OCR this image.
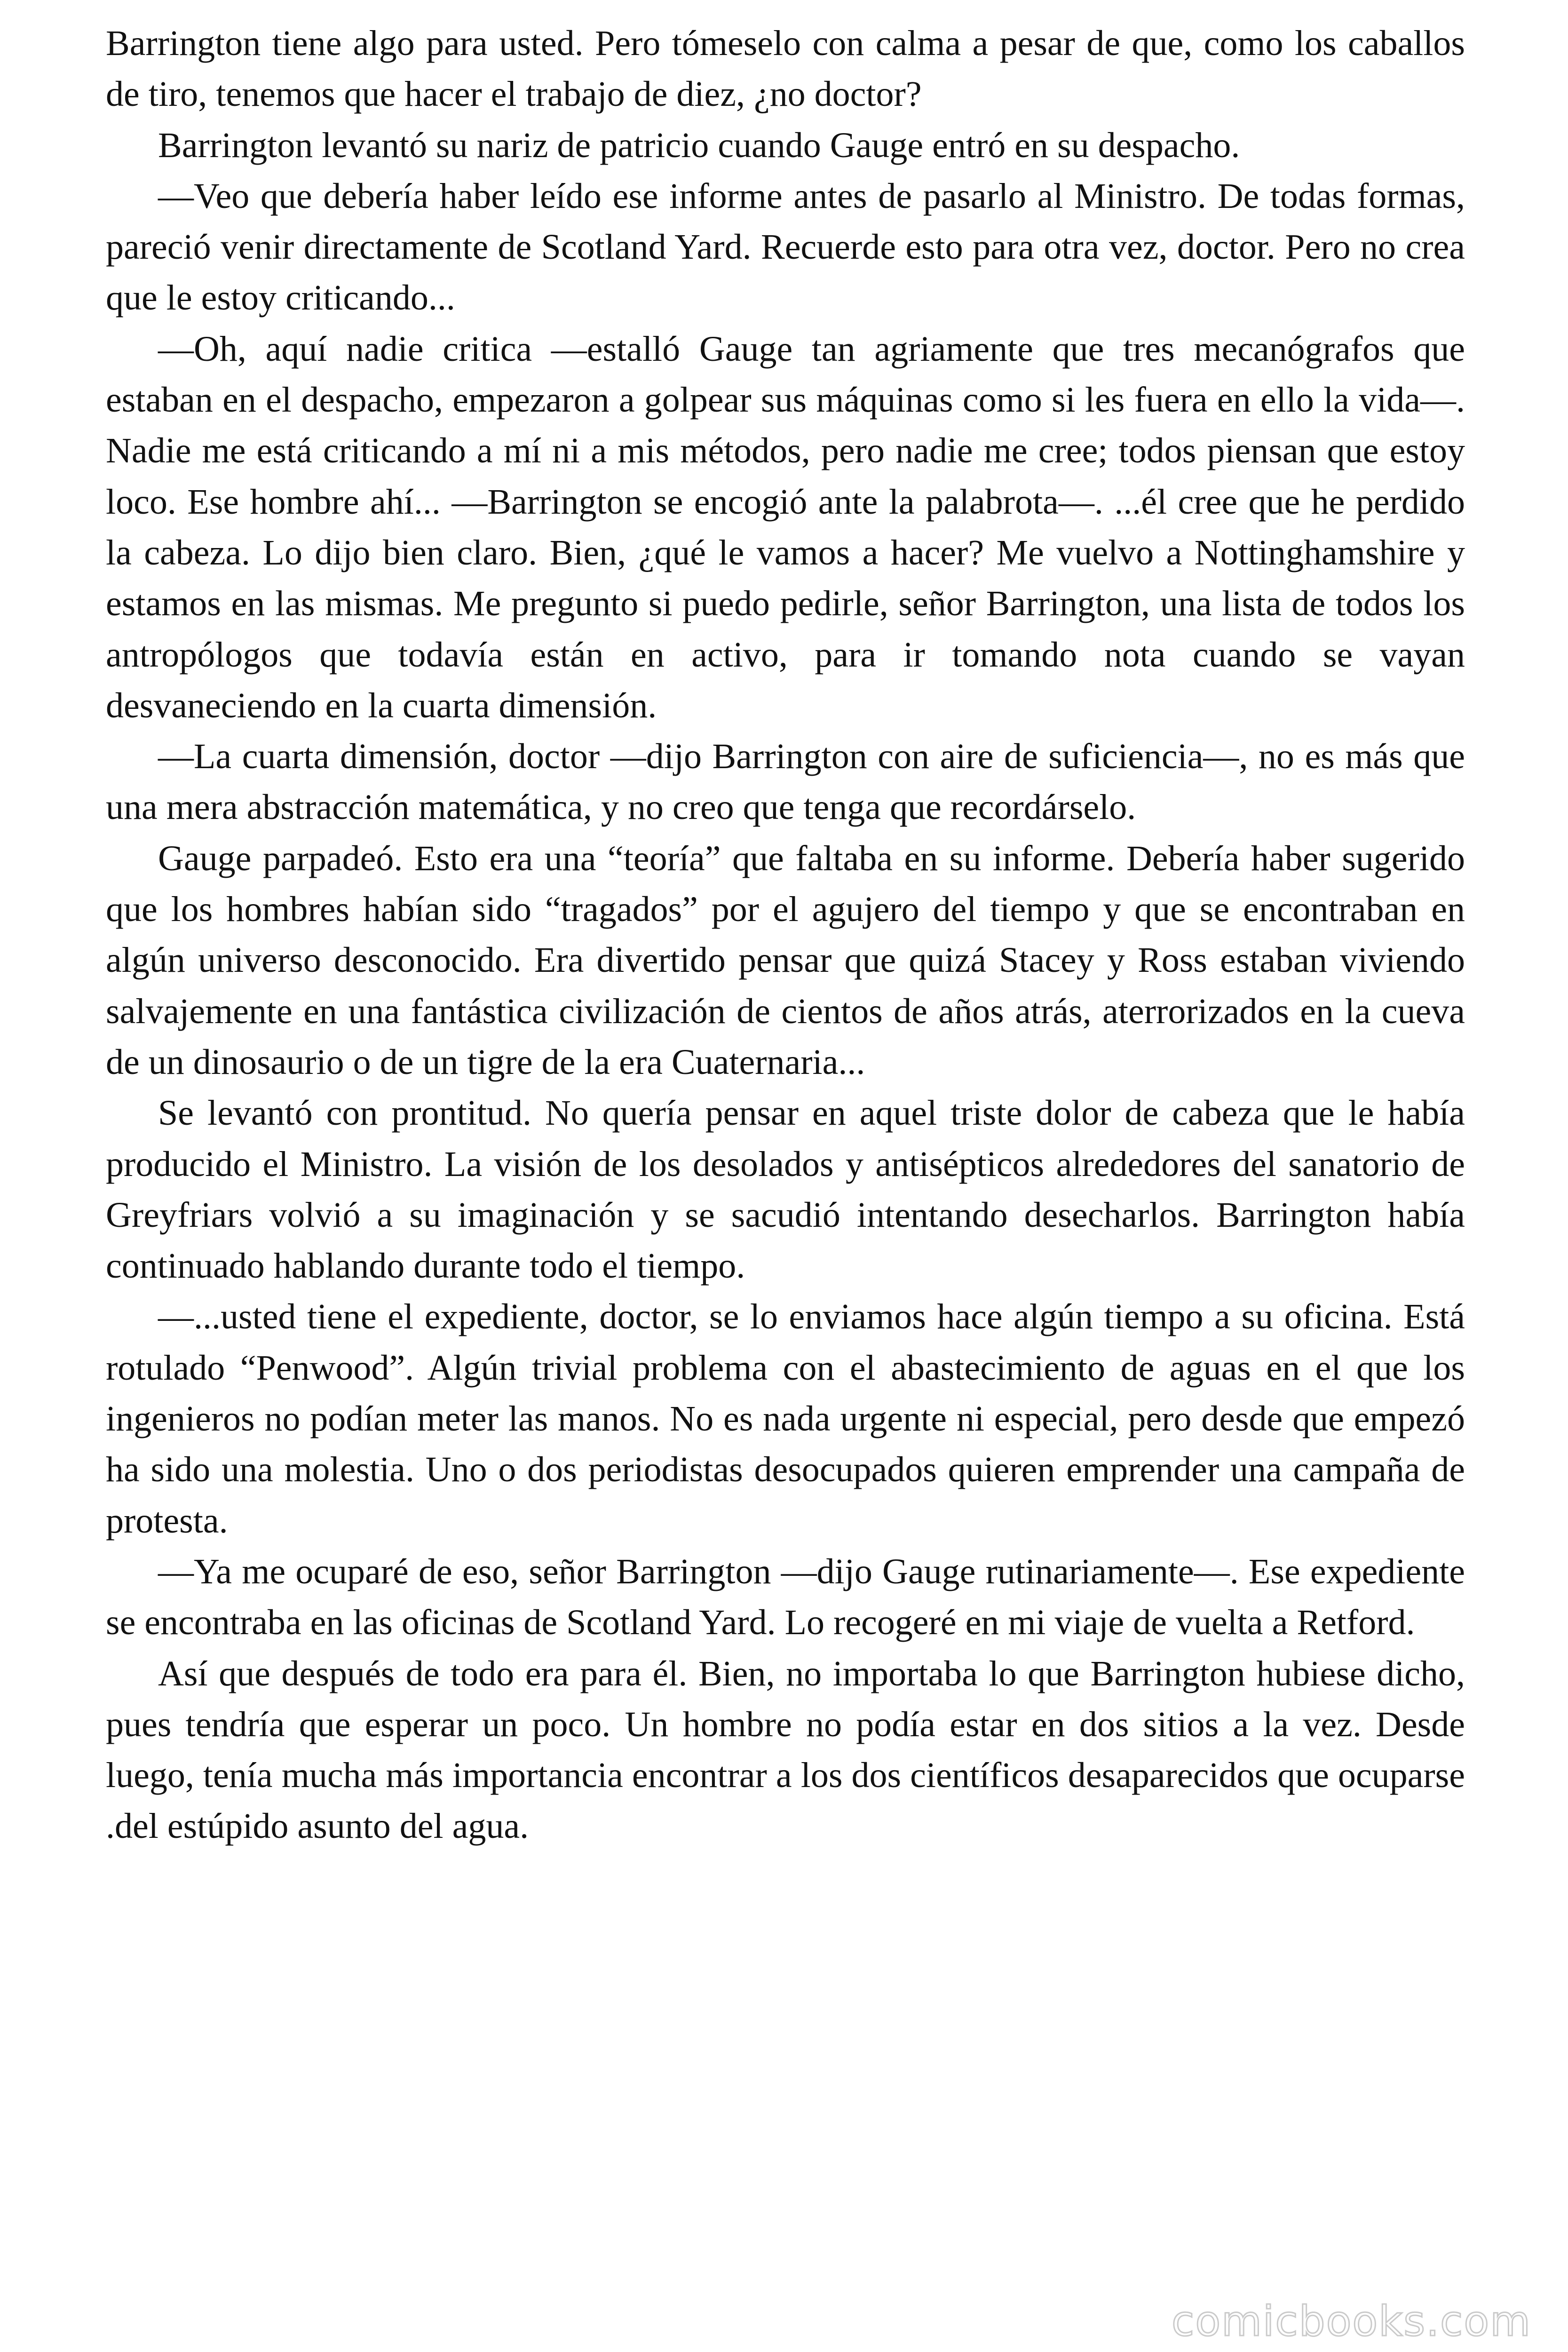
Barrington tiene algo para usted. Pero tómeselo con calma a pesar de que, como los caballos de tiro, tenemos que hacer el trabajo de diez, ¿no doctor?

Barrington levantó su nariz de patricio cuando Gauge entró en su despacho.

—Veo que debería haber leído ese informe antes de pasarlo al Ministro. De todas formas, pareció venir directamente de Scotland Yard. Recuerde esto para otra vez, doctor. Pero no crea que le estoy criticando...

—Oh, aquí nadie critica —estalló Gauge tan agriamente que tres mecanógrafos que estaban en el despacho, empezaron a golpear sus máquinas como si les fuera en ello la vida—. Nadie me está criticando a mí ni a mis métodos, pero nadie me cree; todos piensan que estoy loco. Ese hombre ahí... —Barrington se encogió ante la palabrota—. ...él cree que he perdido la cabeza. Lo dijo bien claro. Bien, ¿qué le vamos a hacer? Me vuelvo a Nottinghamshire y estamos en las mismas. Me pregunto si puedo pedirle, señor Barrington, una lista de todos los antropólogos que todavía están en activo, para ir tomando nota cuando se vayan desvaneciendo en la cuarta dimensión.

—La cuarta dimensión, doctor —dijo Barrington con aire de suficiencia—, no es más que una mera abstracción matemática, y no creo que tenga que recordárselo.

Gauge parpadeó. Esto era una “teoría” que faltaba en su informe. Debería haber sugerido que los hombres habían sido “tragados” por el agujero del tiempo y que se encontraban en algún universo desconocido. Era divertido pensar que quizá Stacey y Ross estaban viviendo salvajemente en una fantástica civilización de cientos de años atrás, aterrorizados en la cueva de un dinosaurio o de un tigre de la era Cuaternaria...

Se levantó con prontitud. No quería pensar en aquel triste dolor de cabeza que le había producido el Ministro. La visión de los desolados y antisépticos alrededores del sanatorio de Greyfriars volvió a su imaginación y se sacudió intentando desecharlos. Barrington había continuado hablando durante todo el tiempo.

—...usted tiene el expediente, doctor, se lo enviamos hace algún tiempo a su oficina. Está rotulado “Penwood”. Algún trivial problema con el abastecimiento de aguas en el que los ingenieros no podían meter las manos. No es nada urgente ni especial, pero desde que empezó ha sido una molestia. Uno o dos periodistas desocupados quieren emprender una campaña de protesta.

—Ya me ocuparé de eso, señor Barrington —dijo Gauge rutinariamente—. Ese expediente se encontraba en las oficinas de Scotland Yard. Lo recogeré en mi viaje de vuelta a Retford.

Así que después de todo era para él. Bien, no importaba lo que Barrington hubiese dicho, pues tendría que esperar un poco. Un hombre no podía estar en dos sitios a la vez. Desde luego, tenía mucha más importancia encontrar a los dos científicos desaparecidos que ocuparse .del estúpido asunto del agua.

comicbooks.com
